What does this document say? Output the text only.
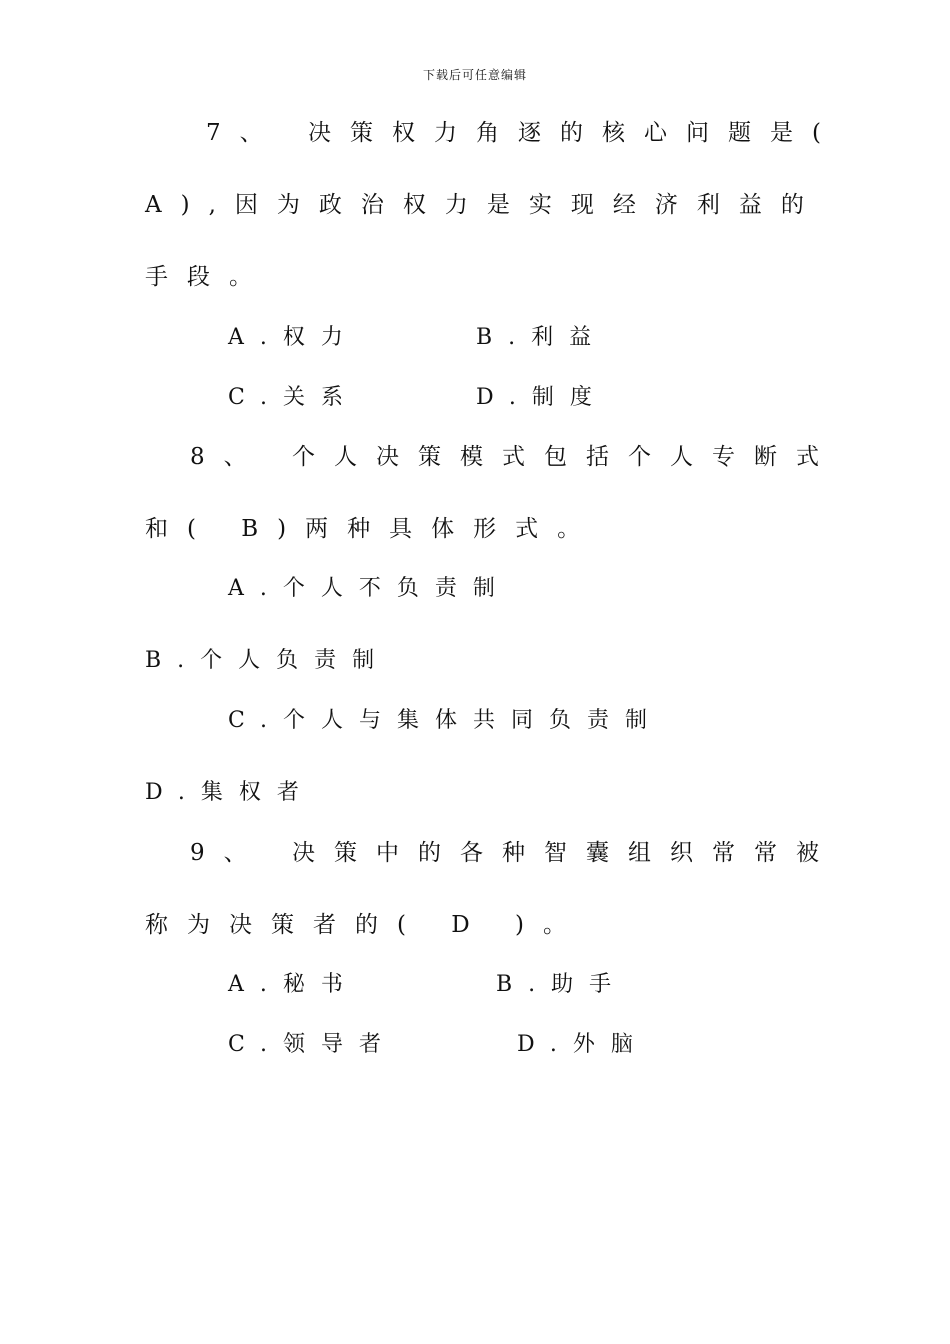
下载后可任意编辑
7、 决策权力角逐的核心问题是(
A),因为政治权力是实现经济利益的
手段。
A.权力	B.利益
C.关系	D.制度
8、 个人决策模式包括个人专断式
和( B)两种具体形式。
A.个人不负责制
B.个人负责制
C.个人与集体共同负责制
D.集权者
9、 决策中的各种智囊组织常常被
称为决策者的( D )。
A.秘书	B.助手
C.领导者	D.外脑
